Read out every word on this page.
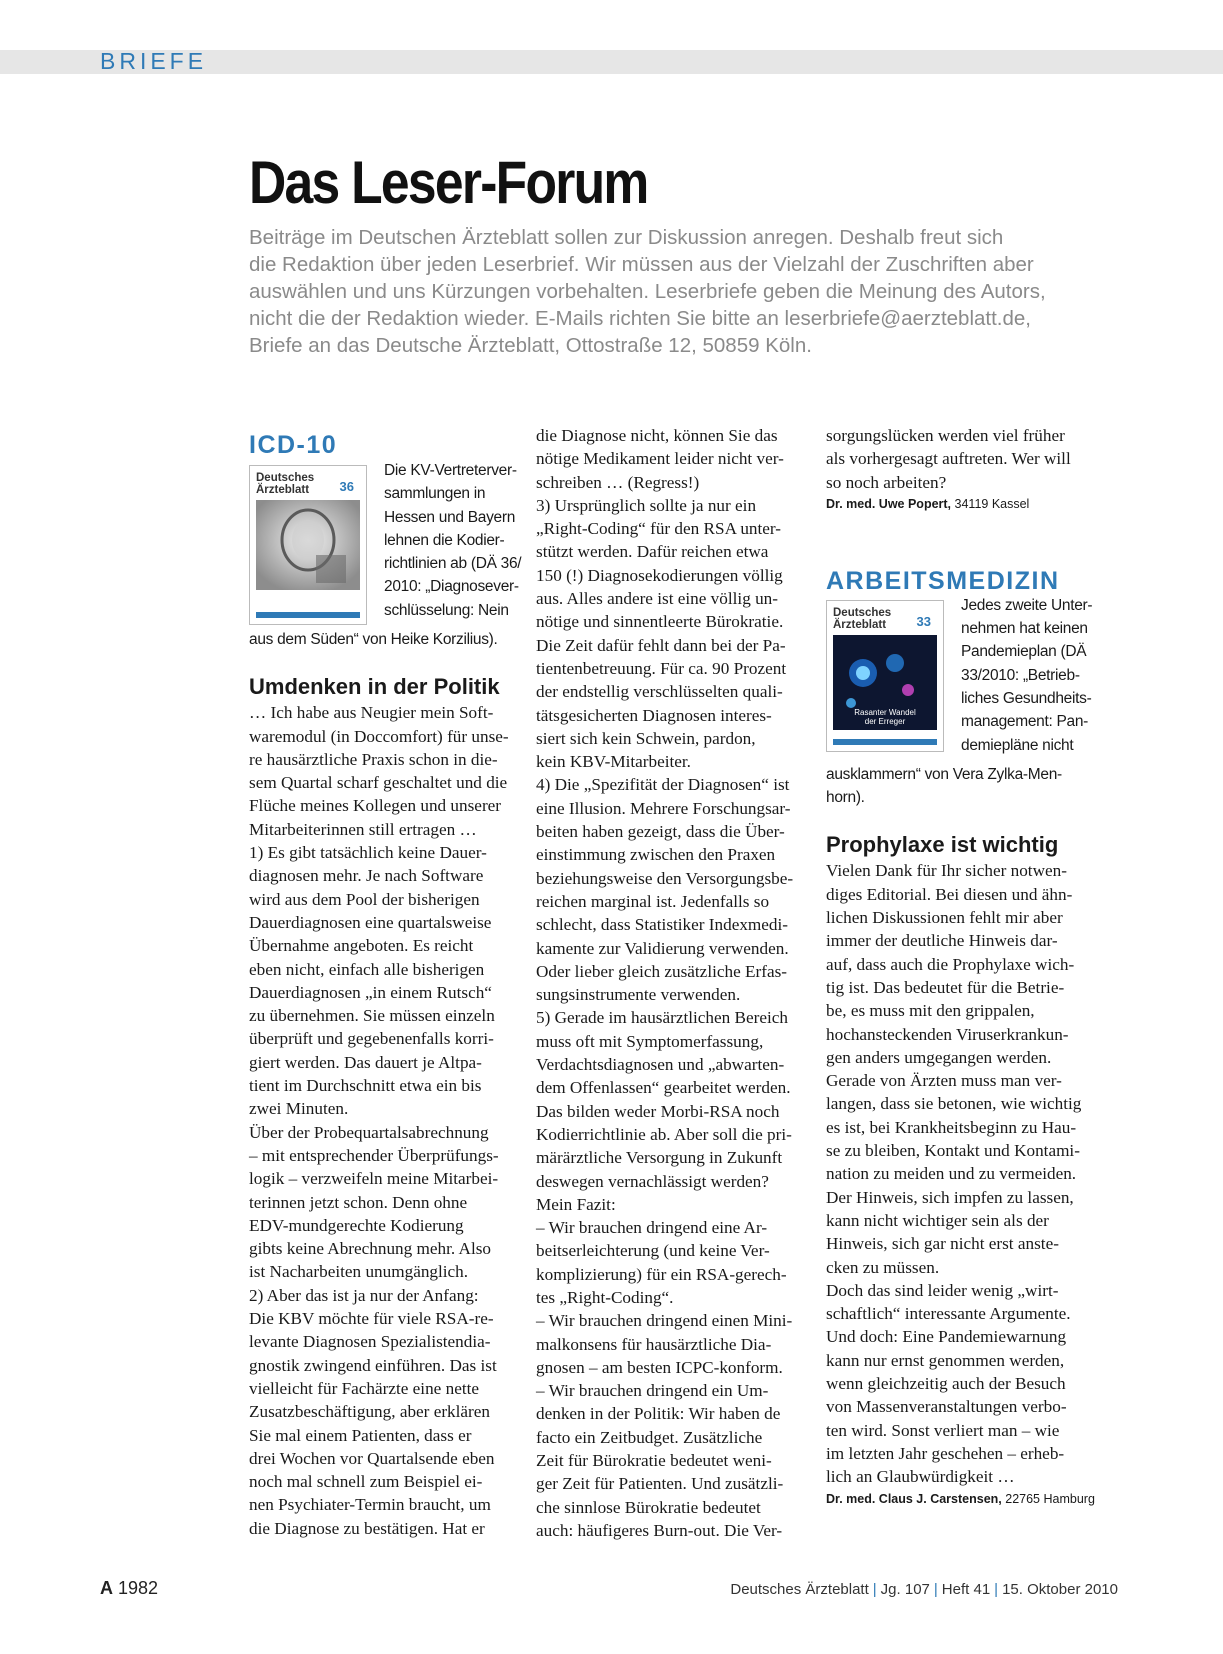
BRIEFE
Das Leser-Forum
Beiträge im Deutschen Ärzteblatt sollen zur Diskussion anregen. Deshalb freut sich
die Redaktion über jeden Leserbrief. Wir müssen aus der Vielzahl der Zuschriften aber
auswählen und uns Kürzungen vorbehalten. Leserbriefe geben die Meinung des Autors,
nicht die der Redaktion wieder. E-Mails richten Sie bitte an leserbriefe@aerzteblatt.de,
Briefe an das Deutsche Ärzteblatt, Ottostraße 12, 50859 Köln.
ICD-10
Deutsches
Ärzteblatt	36
Die KV-Vertreterver-
sammlungen in
Hessen und Bayern
lehnen die Kodier-
richtlinien ab (DÄ 36/
2010: „Diagnosever-
schlüsselung: Nein
aus dem Süden“ von Heike Korzilius).
Umdenken in der Politik
… Ich habe aus Neugier mein Soft-
waremodul (in Doccomfort) für unse-
re hausärztliche Praxis schon in die-
sem Quartal scharf geschaltet und die
Flüche meines Kollegen und unserer
Mitarbeiterinnen still ertragen …
1) Es gibt tatsächlich keine Dauer-
diagnosen mehr. Je nach Software
wird aus dem Pool der bisherigen
Dauerdiagnosen eine quartalsweise
Übernahme angeboten. Es reicht
eben nicht, einfach alle bisherigen
Dauerdiagnosen „in einem Rutsch“
zu übernehmen. Sie müssen einzeln
überprüft und gegebenenfalls korri-
giert werden. Das dauert je Altpa-
tient im Durchschnitt etwa ein bis
zwei Minuten.
Über der Probequartalsabrechnung
– mit entsprechender Überprüfungs-
logik – verzweifeln meine Mitarbei-
terinnen jetzt schon. Denn ohne
EDV-mundgerechte Kodierung
gibts keine Abrechnung mehr. Also
ist Nacharbeiten unumgänglich.
2) Aber das ist ja nur der Anfang:
Die KBV möchte für viele RSA-re-
levante Diagnosen Spezialistendia-
gnostik zwingend einführen. Das ist
vielleicht für Fachärzte eine nette
Zusatzbeschäftigung, aber erklären
Sie mal einem Patienten, dass er
drei Wochen vor Quartalsende eben
noch mal schnell zum Beispiel ei-
nen Psychiater-Termin braucht, um
die Diagnose zu bestätigen. Hat er
die Diagnose nicht, können Sie das
nötige Medikament leider nicht ver-
schreiben … (Regress!)
3) Ursprünglich sollte ja nur ein
„Right-Coding“ für den RSA unter-
stützt werden. Dafür reichen etwa
150 (!) Diagnosekodierungen völlig
aus. Alles andere ist eine völlig un-
nötige und sinnentleerte Bürokratie.
Die Zeit dafür fehlt dann bei der Pa-
tientenbetreuung. Für ca. 90 Prozent
der endstellig verschlüsselten quali-
tätsgesicherten Diagnosen interes-
siert sich kein Schwein, pardon,
kein KBV-Mitarbeiter.
4) Die „Spezifität der Diagnosen“ ist
eine Illusion. Mehrere Forschungsar-
beiten haben gezeigt, dass die Über-
einstimmung zwischen den Praxen
beziehungsweise den Versorgungsbe-
reichen marginal ist. Jedenfalls so
schlecht, dass Statistiker Indexmedi-
kamente zur Validierung verwenden.
Oder lieber gleich zusätzliche Erfas-
sungsinstrumente verwenden.
5) Gerade im hausärztlichen Bereich
muss oft mit Symptomerfassung,
Verdachtsdiagnosen und „abwarten-
dem Offenlassen“ gearbeitet werden.
Das bilden weder Morbi-RSA noch
Kodierrichtlinie ab. Aber soll die pri-
märärztliche Versorgung in Zukunft
deswegen vernachlässigt werden?
Mein Fazit:
– Wir brauchen dringend eine Ar-
beitserleichterung (und keine Ver-
komplizierung) für ein RSA-gerech-
tes „Right-Coding“.
– Wir brauchen dringend einen Mini-
malkonsens für hausärztliche Dia-
gnosen – am besten ICPC-konform.
– Wir brauchen dringend ein Um-
denken in der Politik: Wir haben de
facto ein Zeitbudget. Zusätzliche
Zeit für Bürokratie bedeutet weni-
ger Zeit für Patienten. Und zusätzli-
che sinnlose Bürokratie bedeutet
auch: häufigeres Burn-out. Die Ver-
sorgungslücken werden viel früher
als vorhergesagt auftreten. Wer will
so noch arbeiten?
Dr. med. Uwe Popert, 34119 Kassel
ARBEITSMEDIZIN
Deutsches
Ärzteblatt	33
Rasanter Wandel
der Erreger
Jedes zweite Unter-
nehmen hat keinen
Pandemieplan (DÄ
33/2010: „Betrieb-
liches Gesundheits-
management: Pan-
demiepläne nicht
ausklammern“ von Vera Zylka-Men-
horn).
Prophylaxe ist wichtig
Vielen Dank für Ihr sicher notwen-
diges Editorial. Bei diesen und ähn-
lichen Diskussionen fehlt mir aber
immer der deutliche Hinweis dar-
auf, dass auch die Prophylaxe wich-
tig ist. Das bedeutet für die Betrie-
be, es muss mit den grippalen,
hochansteckenden Viruserkrankun-
gen anders umgegangen werden.
Gerade von Ärzten muss man ver-
langen, dass sie betonen, wie wichtig
es ist, bei Krankheitsbeginn zu Hau-
se zu bleiben, Kontakt und Kontami-
nation zu meiden und zu vermeiden.
Der Hinweis, sich impfen zu lassen,
kann nicht wichtiger sein als der
Hinweis, sich gar nicht erst anste-
cken zu müssen.
Doch das sind leider wenig „wirt-
schaftlich“ interessante Argumente.
Und doch: Eine Pandemiewarnung
kann nur ernst genommen werden,
wenn gleichzeitig auch der Besuch
von Massenveranstaltungen verbo-
ten wird. Sonst verliert man – wie
im letzten Jahr geschehen – erheb-
lich an Glaubwürdigkeit …
Dr. med. Claus J. Carstensen, 22765 Hamburg
A 1982	Deutsches Ärzteblatt | Jg. 107 | Heft 41 | 15. Oktober 2010
